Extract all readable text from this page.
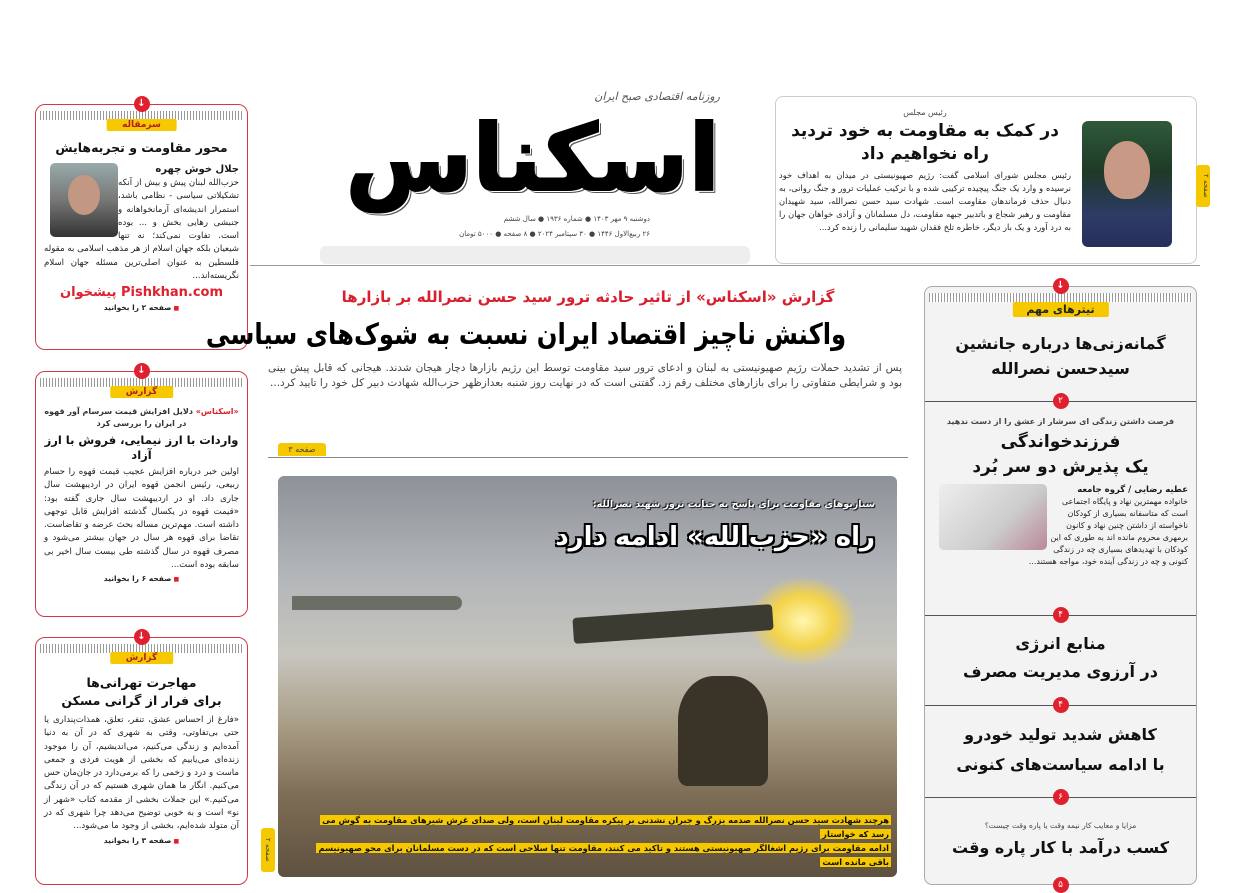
روزنامه اقتصادی صبح ایران
اسکناس
دوشنبه ۹ مهر ۱۴۰۳ ● شماره ۱۹۳۶ ● سال ششم
۲۶ ربیع‌الاول ۱۴۴۶ ● ۳۰ سپتامبر ۲۰۲۴ ● ۸ صفحه ● ۵۰۰۰ تومان
صفحه ۲
رئیس مجلس
در کمک به مقاومت به خود تردید
راه نخواهیم داد
رئیس مجلس شورای اسلامی گفت: رژیم صهیونیستی در میدان به اهداف خود نرسیده و وارد یک جنگ پیچیده ترکیبی شده و با ترکیب عملیات ترور و جنگ روانی، به دنبال حذف فرماندهان مقاومت است. شهادت سید حسن نصرالله، سید شهیدان مقاومت و رهبر شجاع و باتدبیر جبهه مقاومت، دل مسلمانان و آزادی خواهان جهان را به درد آورد و یک بار دیگر، خاطره تلخ فقدان شهید سلیمانی را زنده کرد...
↓
سرمقاله
محور مقاومت و تجربه‌هایش
جلال خوش چهره
حزب‌الله لبنان پیش و بیش از آنکه تشکیلاتی سیاسی - نظامی باشد، استمرار اندیشه‌ای آرمانخواهانه و جنبشی رهایی بخش و ... بوده است. تفاوت نمی‌کند؛ نه تنها شیعیان بلکه جهان اسلام از هر مذهب اسلامی به مقوله فلسطین به عنوان اصلی‌ترین مسئله جهان اسلام نگریسته‌اند...
پیشخوان Pishkhan.com
■ صفحه ۲ را بخوانید
↓
گزارش
«اسکناس» دلایل افزایش قیمت سرسام آور قهوه در ایران را بررسی کرد
واردات با ارز نیمایی، فروش با ارز آزاد
اولین خبر درباره افزایش عجیب قیمت قهوه را حسام ربیعی، رئیس انجمن قهوه ایران در اردیبهشت سال جاری داد. او در اردیبهشت سال جاری گفته بود: «قیمت قهوه در یکسال گذشته افزایش قابل توجهی داشته است. مهم‌ترین مساله بحث عرضه و تقاضاست. تقاضا برای قهوه هر سال در جهان بیشتر می‌شود و مصرف قهوه در سال گذشته طی بیست سال اخیر بی سابقه بوده است...
■ صفحه ۶ را بخوانید
↓
گزارش
مهاجرت تهرانی‌ها
برای فرار از گرانی مسکن
«فارغ از احساس عشق، تنفر، تعلق، همذات‌پنداری یا حتی بی‌تفاوتی، وقتی به شهری که در آن به دنیا آمده‌ایم و زندگی می‌کنیم، می‌اندیشیم، آن را موجود زنده‌ای می‌یابیم که بخشی از هویت فردی و جمعی ماست و درد و زخمی را که برمی‌دارد در جان‌مان حس می‌کنیم. انگار ما همان شهری هستیم که در آن زندگی می‌کنیم.» این جملات بخشی از مقدمه کتاب «شهر از نو» است و به خوبی توضیح می‌دهد چرا شهری که در آن متولد شده‌ایم، بخشی از وجود ما می‌شود...
■ صفحه ۳ را بخوانید
گزارش «اسکناس» از تاثیر حادثه ترور سید حسن نصرالله بر بازارها
واکنش ناچیز اقتصاد ایران نسبت به شوک‌های سیاسی
پس از تشدید حملات رژیم صهیونیستی به لبنان و ادعای ترور سید مقاومت توسط این رژیم بازارها دچار هیجان شدند. هیجانی که قابل پیش بینی بود و شرایطی متفاوتی را برای بازارهای مختلف رقم زد. گفتنی است که در نهایت روز شنبه بعدازظهر حزب‌الله شهادت دبیر کل خود را تایید کرد...
صفحه ۳
سناریوهای مقاومت برای پاسخ به جنایت ترور شهید نصرالله:
راه «حزب‌الله» ادامه دارد
هرچند شهادت سید حسن نصرالله صدمه بزرگ و جبران نشدنی بر پیکره مقاومت لبنان است، ولی صدای غرش شیرهای مقاومت به گوش می رسد که خواستار
ادامه مقاومت برای رژیم اشغالگر صهیونیستی هستند و تاکید می کنند، مقاومت تنها سلاحی است که در دست مسلمانان برای محو صهیونیسم باقی مانده است
صفحه ۲
↓
تیترهای مهم
گمانه‌زنی‌ها درباره جانشین
سیدحسن نصرالله
۲
فرصت داشتن زندگی ای سرشار از عشق را از دست ندهید
فرزندخواندگی
یک پذیرش دو سر بُرد
عطیه رضایی / گروه جامعه
خانواده مهمترین نهاد و پایگاه اجتماعی است که متاسفانه بسیاری از کودکان ناخواسته از داشتن چنین نهاد و کانون برمهری محروم مانده اند به طوری که این کودکان با تهدیدهای بسیاری چه در زندگی کنونی و چه در زندگی آینده خود، مواجه هستند...
۴
منابع انرژی
در آرزوی مدیریت مصرف
۴
کاهش شدید تولید خودرو
با ادامه سیاست‌های کنونی
۶
مزایا و معایب کار نیمه وقت یا پاره وقت چیست؟
کسب درآمد با کار پاره وقت
۵
